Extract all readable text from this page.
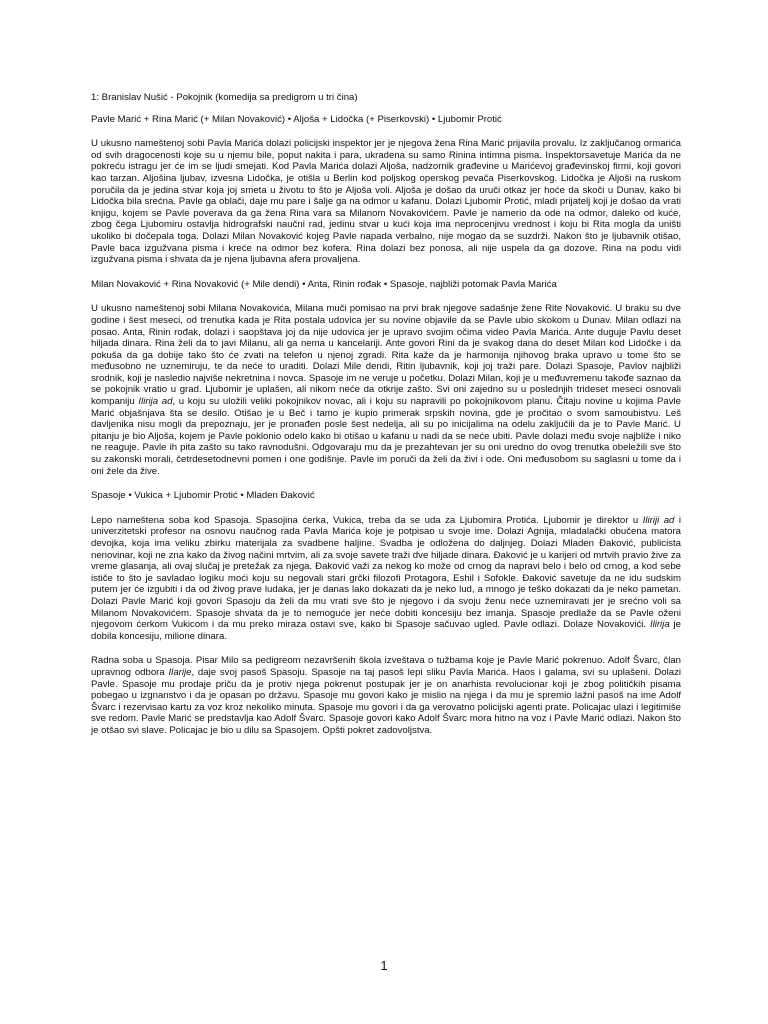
1: Branislav Nušić - Pokojnik (komedija sa predigrom u tri čina)

Pavle Marić + Rina Marić (+ Milan Novaković) • Aljoša + Lidočka (+ Piserkovski) • Ljubomir Protić

U ukusno nameštenoj sobi Pavla Marića dolazi policijski inspektor jer je njegova žena Rina Marić prijavila provalu. Iz zaključanog ormarića od svih dragocenosti koje su u njemu bile, poput nakita i para, ukradena su samo Rinina intimna pisma. Inspektorsavetuje Marića da ne pokreću istragu jer će im se ljudi smejati. Kod Pavla Marića dolazi Aljoša, nadzornik građevine u Marićevoj građevinskoj firmi, koji govori kao tarzan. Aljošina ljubav, izvesna Lidočka, je otišla u Berlin kod poljskog operskog pevača Piserkovskog. Lidočka je Aljoši na ruskom poručila da je jedina stvar koja joj smeta u životu to što je Aljoša voli. Aljoša je došao da uruči otkaz jer hoće da skoči u Dunav, kako bi Lidočka bila srećna. Pavle ga oblači, daje mu pare i šalje ga na odmor u kafanu. Dolazi Ljubomir Protić, mladi prijatelj koji je došao da vrati knjigu, kojem se Pavle poverava da ga žena Rina vara sa Milanom Novakovićem. Pavle je namerio da ode na odmor, daleko od kuće, zbog čega Ljubomiru ostavlja hidrografski naučni rad, jedinu stvar u kući koja ima neprocenjivu vrednost i koju bi Rita mogla da uništi ukoliko bi dočepala toga. Dolazi Milan Novaković kojeg Pavle napada verbalno, nije mogao da se suzdrži. Nakon što je ljubavnik otišao, Pavle baca izgužvana pisma i kreće na odmor bez kofera. Rina dolazi bez ponosa, ali nije uspela da ga dozove. Rina na podu vidi izgužvana pisma i shvata da je njena ljubavna afera provaljena.

Milan Novaković + Rina Novaković (+ Mile dendi) • Anta, Rinin rođak • Spasoje, najbliži potomak Pavla Marića

U ukusno nameštenoj sobi Milana Novakovića, Milana muči pomisao na prvi brak njegove sadašnje žene Rite Novaković. U braku su dve godine i šest meseci, od trenutka kada je Rita postala udovica jer su novine objavile da se Pavle ubio skokom u Dunav. Milan odlazi na posao. Anta, Rinin rođak, dolazi i saopštava joj da nije udovica jer je upravo svojim očima video Pavla Marića. Ante duguje Pavlu deset hiljada dinara. Rina želi da to javi Milanu, ali ga nema u kancelariji. Ante govori Rini da je svakog dana do deset Milan kod Lidočke i da pokuša da ga dobije tako što će zvati na telefon u njenoj zgradi. Rita kaže da je harmonija njihovog braka upravo u tome što se međusobno ne uznemiruju, te da neće to uraditi. Dolazi Mile dendi, Ritin ljubavnik, koji joj traži pare. Dolazi Spasoje, Pavlov najbliži srodnik, koji je nasledio najviše nekretnina i novca. Spasoje im ne veruje u početku. Dolazi Milan, koji je u međuvremenu takođe saznao da se pokojnik vratio u grad. Ljubomir je uplašen, ali nikom neće da otkrije zašto. Svi oni zajedno su u poslednjih trideset meseci osnovali kompaniju Ilirija ad, u koju su uložili veliki pokojnikov novac, ali i koju su napravili po pokojnikovom planu. Čitaju novine u kojima Pavle Marić objašnjava šta se desilo. Otišao je u Beč i tamo je kupio primerak srpskih novina, gde je pročitao o svom samoubistvu. Leš davljenika nisu mogli da prepoznaju, jer je pronađen posle šest nedelja, ali su po inicijalima na odelu zaključili da je to Pavle Marić. U pitanju je bio Aljoša, kojem je Pavle poklonio odelo kako bi otišao u kafanu u nadi da se neće ubiti. Pavle dolazi među svoje najbliže i niko ne reaguje. Pavle ih pita zašto su tako ravnodušni. Odgovaraju mu da je prezahtevan jer su oni uredno do ovog trenutka obeležili sve što su zakonski morali, četrdesetodnevni pomen i one godišnje. Pavle im poruči da želi da živi i ode. Oni međusobom su saglasni u tome da i oni žele da žive.

Spasoje • Vukica + Ljubomir Protić • Mladen Đaković

Lepo nameštena soba kod Spasoja. Spasojina ćerka, Vukica, treba da se uda za Ljubomira Protića. Ljubomir je direktor u Iliriji ad i univerzitetski profesor na osnovu naučnog rada Pavla Marića koje je potpisao u svoje ime. Dolazi Agnija, mladalački obučena matora devojka, koja ima veliku zbirku materijala za svadbene haljine. Svadba je odložena do daljnjeg. Dolazi Mladen Đaković, publicista nenovinar, koji ne zna kako da živog načini mrtvim, ali za svoje savete traži dve hiljade dinara. Đaković je u karijeri od mrtvih pravio žive za vreme glasanja, ali ovaj slučaj je pretežak za njega. Đaković važi za nekog ko može od crnog da napravi belo i belo od crnog, a kod sebe ističe to što je savladao logiku moći koju su negovali stari grčki filozofi Protagora, Eshil i Sofokle. Đaković savetuje da ne idu sudskim putem jer će izgubiti i da od živog prave ludaka, jer je danas lako dokazati da je neko lud, a mnogo je teško dokazati da je neko pametan. Dolazi Pavle Marić koji govori Spasoju da želi da mu vrati sve što je njegovo i da svoju ženu neće uznemiravati jer je srećno voli sa Milanom Novakovićem. Spasoje shvata da je to nemoguće jer neće dobiti koncesiju bez imanja. Spasoje predlaže da se Pavle oženi njegovom ćerkom Vukicom i da mu preko miraza ostavi sve, kako bi Spasoje sačuvao ugled. Pavle odlazi. Dolaze Novakovići. Ilirija je dobila koncesiju, milione dinara.

Radna soba u Spasoja. Pisar Milo sa pedigreom nezavršenih škola izveštava o tužbama koje je Pavle Marić pokrenuo. Adolf Švarc, član upravnog odbora Ilarije, daje svoj pasoš Spasoju. Spasoje na taj pasoš lepi sliku Pavla Marića. Haos i galama, svi su uplašeni. Dolazi Pavle. Spasoje mu prodaje priču da je protiv njega pokrenut postupak jer je on anarhista revolucionar koji je zbog političkih pisama pobegao u izgnanstvo i da je opasan po državu. Spasoje mu govori kako je mislio na njega i da mu je spremio lažni pasoš na ime Adolf Švarc i rezervisao kartu za voz kroz nekoliko minuta. Spasoje mu govori i da ga verovatno policijski agenti prate. Policajac ulazi i legitimiše sve redom. Pavle Marić se predstavlja kao Adolf Švarc. Spasoje govori kako Adolf Švarc mora hitno na voz i Pavle Marić odlazi. Nakon što je otšao svi slave. Policajac je bio u dilu sa Spasojem. Opšti pokret zadovoljstva.

1
